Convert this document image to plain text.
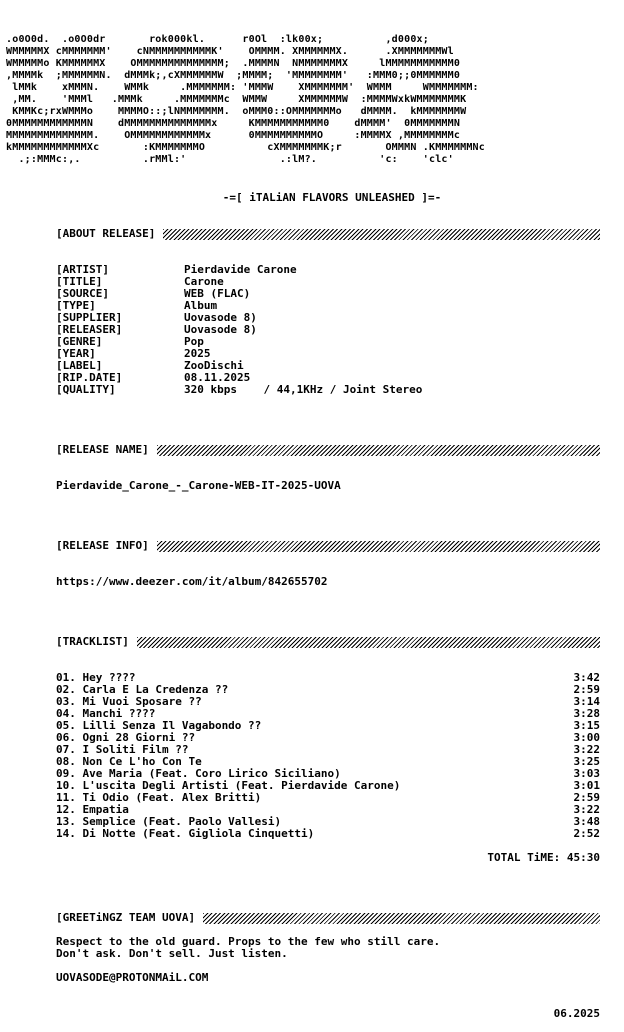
.o0O0d.  .o0O0dr       rok000kl.      r0Ol  :lk00x;          ,d000x;
WMMMMMX cMMMMMMM'    cNMMMMMMMMMMK'    OMMMM. XMMMMMMX.      .XMMMMMMMWl
WMMMMMo KMMMMMMX    OMMMMMMMMMMMMMM;  .MMMMN  NMMMMMMMX     lMMMMMMMMMMM0
,MMMMk  ;MMMMMMN.  dMMMk;,cXMMMMMMW  ;MMMM;  'MMMMMMMM'   :MMM0;;0MMMMMM0
lMMk    xMMMN.    WMMk     .MMMMMMM: 'MMMW    XMMMMMMM'  WMMM     WMMMMMMM:
,MM.    'MMMl   .MMMk     .MMMMMMMc  WMMW     XMMMMMMW  :MMMMWxkWMMMMMMMK
KMMKc;rxWMMMo    MMMMO::;lNMMMMMMM.  oMMM0::OMMMMMMMo   dMMMM.  kMMMMMMMW
0MMMMMMMMMMMMN    dMMMMMMMMMMMMMMx     KMMMMMMMMMMM0    dMMMM'  0MMMMMMMN
MMMMMMMMMMMMMM.    OMMMMMMMMMMMMx      0MMMMMMMMMMO     :MMMMX ,MMMMMMMMc
kMMMMMMMMMMMMXc       :KMMMMMMMO          cXMMMMMMMK;r       OMMMN .KMMMMMMNc
.;:MMMc:,.          .rMMl:'               .:lM?.          'c:    'clc'
-=[ iTALiAN FLAVORS UNLEASHED ]=-
[ABOUT RELEASE]
[ARTIST]	Pierdavide Carone
[TITLE]	Carone
[SOURCE]	WEB (FLAC)
[TYPE]	Album
[SUPPLIER]	Uovasode 8)
[RELEASER]	Uovasode 8)
[GENRE]	Pop
[YEAR]	2025
[LABEL]	ZooDischi
[RIP.DATE]	08.11.2025
[QUALITY]	320 kbps    / 44,1KHz / Joint Stereo
[RELEASE NAME]
Pierdavide_Carone_-_Carone-WEB-IT-2025-UOVA
[RELEASE INFO]
https://www.deezer.com/it/album/842655702
[TRACKLIST]
01. Hey ????	3:42
02. Carla E La Credenza ??	2:59
03. Mi Vuoi Sposare ??	3:14
04. Manchi ????	3:28
05. Lilli Senza Il Vagabondo ??	3:15
06. Ogni 28 Giorni ??	3:00
07. I Soliti Film ??	3:22
08. Non Ce L'ho Con Te	3:25
09. Ave Maria (Feat. Coro Lirico Siciliano)	3:03
10. L'uscita Degli Artisti (Feat. Pierdavide Carone)	3:01
11. Ti Odio (Feat. Alex Britti)	2:59
12. Empatia	3:22
13. Semplice (Feat. Paolo Vallesi)	3:48
14. Di Notte (Feat. Gigliola Cinquetti)	2:52
TOTAL TiME: 45:30
[GREETiNGZ TEAM UOVA]
Respect to the old guard. Props to the few who still care.
Don't ask. Don't sell. Just listen.
UOVASODE@PROTONMAiL.COM
06.2025
